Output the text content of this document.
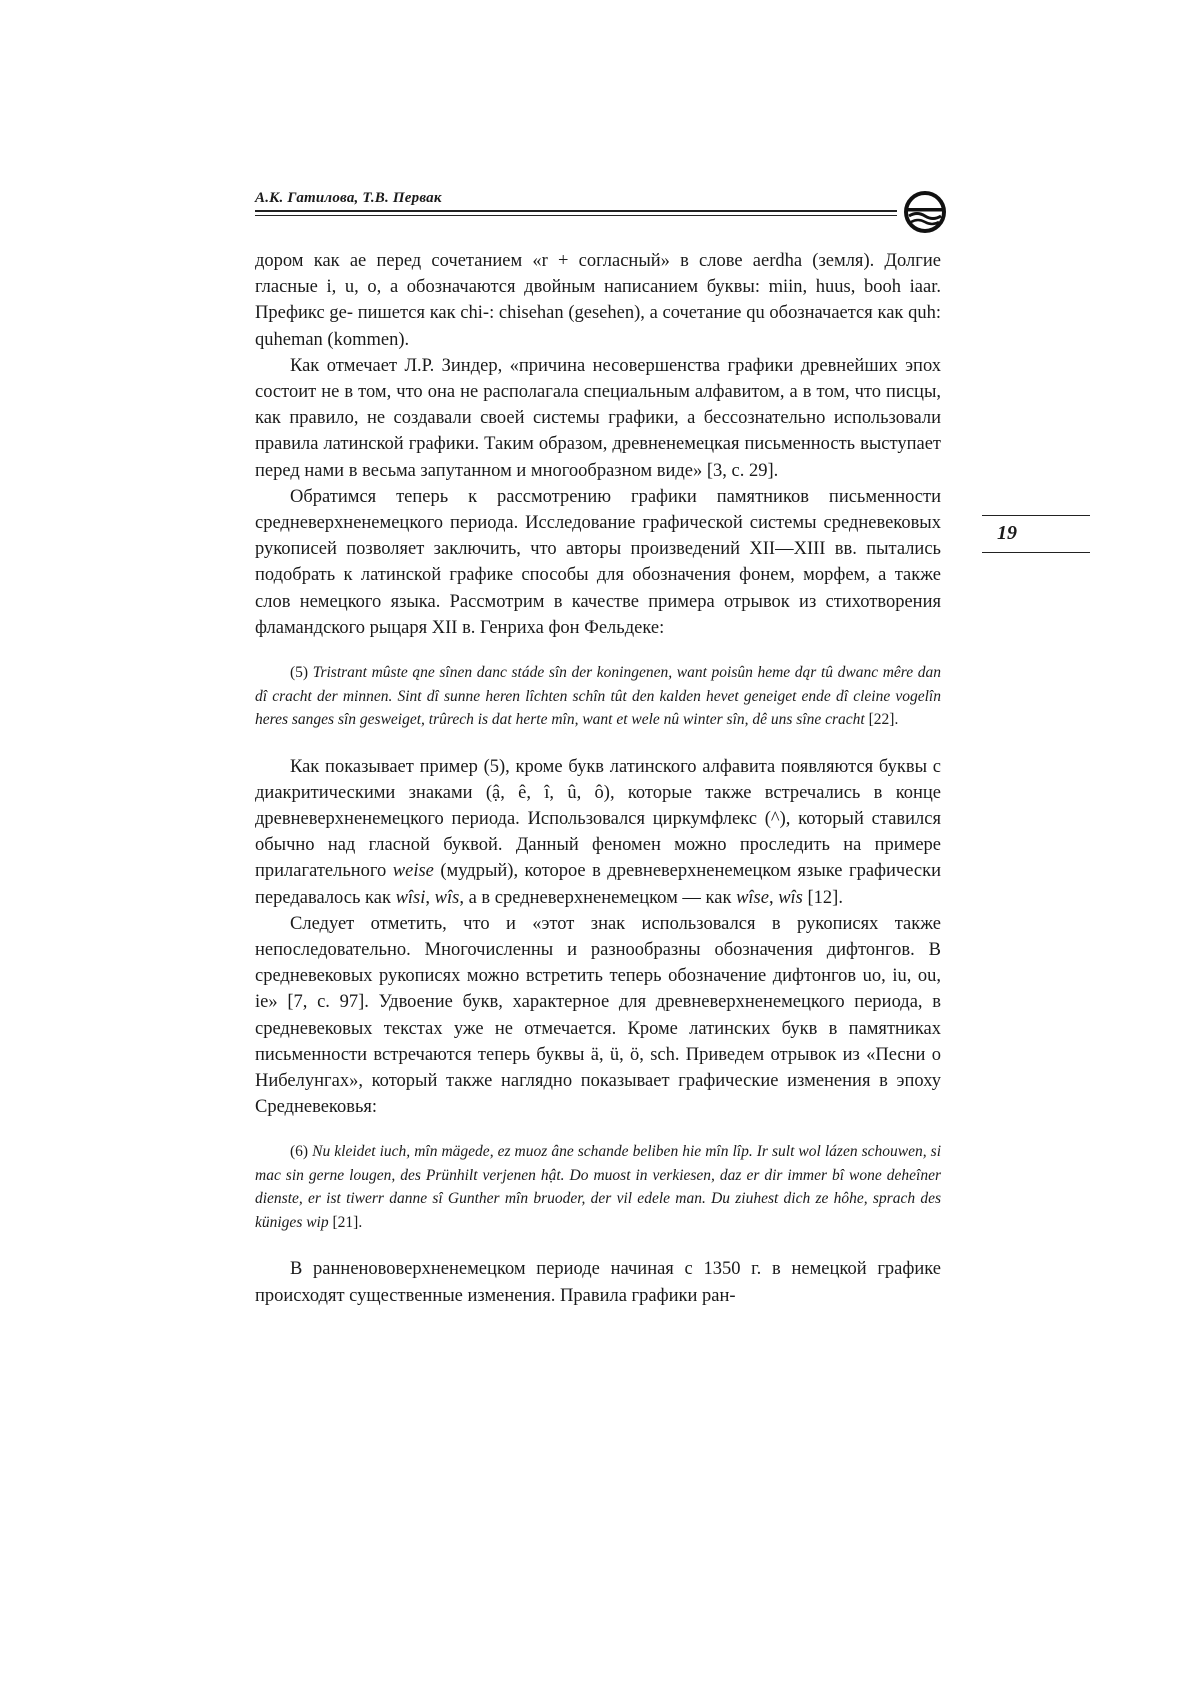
А.К. Гатилова, Т.В. Первак
19

дором как ae перед сочетанием «r + согласный» в слове aerdha (земля). Долгие гласные i, u, o, a обозначаются двойным написанием буквы: miin, huus, booh iaar. Префикс ge- пишется как chi-: chisehan (gesehen), a сочетание qu обозначается как quh: quheman (kommen).

Как отмечает Л.Р. Зиндер, «причина несовершенства графики древнейших эпох состоит не в том, что она не располагала специальным алфавитом, а в том, что писцы, как правило, не создавали своей системы графики, а бессознательно использовали правила латинской графики. Таким образом, древненемецкая письменность выступает перед нами в весьма запутанном и многообразном виде» [3, с. 29].

Обратимся теперь к рассмотрению графики памятников письменности средневерхненемецкого периода. Исследование графической системы средневековых рукописей позволяет заключить, что авторы произведений XII—XIII вв. пытались подобрать к латинской графике способы для обозначения фонем, морфем, а также слов немецкого языка. Рассмотрим в качестве примера отрывок из стихотворения фламандского рыцаря XII в. Генриха фон Фельдеке:

(5) Tristrant mûste ąne sînen danc stáde sîn der koningenen, want poisûn heme dąr tû dwanc mêre dan dî cracht der minnen. Sint dî sunne heren lîchten schîn tût den kalden hevet geneiget ende dî cleine vogelîn heres sanges sîn gesweiget, trûrech is dat herte mîn, want et wele nû winter sîn, dê uns sîne cracht [22].

Как показывает пример (5), кроме букв латинского алфавита появляются буквы с диакритическими знаками (ậ, ê, î, û, ô), которые также встречались в конце древневерхненемецкого периода. Использовался циркумфлекс (^), который ставился обычно над гласной буквой. Данный феномен можно проследить на примере прилагательного weise (мудрый), которое в древневерхненемецком языке графически передавалось как wîsi, wîs, а в средневерхненемецком — как wîse, wîs [12].

Следует отметить, что и «этот знак использовался в рукописях также непоследовательно. Многочисленны и разнообразны обозначения дифтонгов. В средневековых рукописях можно встретить теперь обозначение дифтонгов uo, iu, ou, ie» [7, с. 97]. Удвоение букв, характерное для древневерхненемецкого периода, в средневековых текстах уже не отмечается. Кроме латинских букв в памятниках письменности встречаются теперь буквы ä, ü, ö, sch. Приведем отрывок из «Песни о Нибелунгах», который также наглядно показывает графические изменения в эпоху Средневековья:

(6) Nu kleidet iuch, mîn mägede, ez muoz âne schande beliben hie mîn lîp. Ir sult wol lázen schouwen, si mac sin gerne lougen, des Prünhilt verjenen hật. Do muost in verkiesen, daz er dir immer bî wone deheîner dienste, er ist tiwerr danne sî Gunther mîn bruoder, der vil edele man. Du ziuhest dich ze hôhe, sprach des küniges wip [21].

В ранненововерхненемецком периоде начиная с 1350 г. в немецкой графике происходят существенные изменения. Правила графики ран-
